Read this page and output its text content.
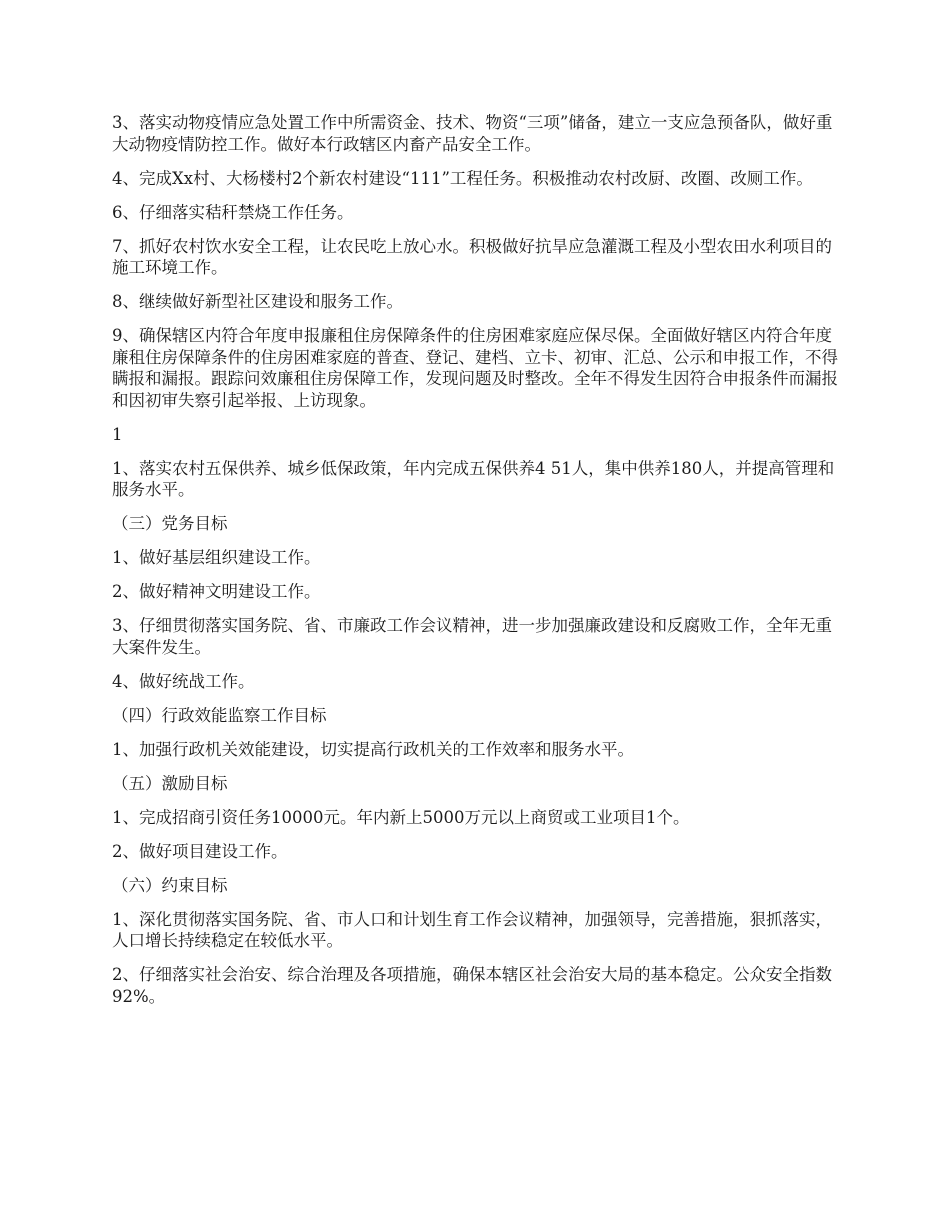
3、落实动物疫情应急处置工作中所需资金、技术、物资“三项”储备，建立一支应急预备队，做好重大动物疫情防控工作。做好本行政辖区内畜产品安全工作。

4、完成Xx村、大杨楼村2个新农村建设“111”工程任务。积极推动农村改厨、改圈、改厕工作。

6、仔细落实秸秆禁烧工作任务。

7、抓好农村饮水安全工程，让农民吃上放心水。积极做好抗旱应急灌溉工程及小型农田水利项目的施工环境工作。

8、继续做好新型社区建设和服务工作。

9、确保辖区内符合年度申报廉租住房保障条件的住房困难家庭应保尽保。全面做好辖区内符合年度廉租住房保障条件的住房困难家庭的普查、登记、建档、立卡、初审、汇总、公示和申报工作，不得瞒报和漏报。跟踪问效廉租住房保障工作，发现问题及时整改。全年不得发生因符合申报条件而漏报和因初审失察引起举报、上访现象。

1

1、落实农村五保供养、城乡低保政策，年内完成五保供养4 51人，集中供养180人，并提高管理和服务水平。

（三）党务目标

1、做好基层组织建设工作。

2、做好精神文明建设工作。

3、仔细贯彻落实国务院、省、市廉政工作会议精神，进一步加强廉政建设和反腐败工作，全年无重大案件发生。

4、做好统战工作。

（四）行政效能监察工作目标

1、加强行政机关效能建设，切实提高行政机关的工作效率和服务水平。

（五）激励目标

1、完成招商引资任务10000元。年内新上5000万元以上商贸或工业项目1个。

2、做好项目建设工作。

（六）约束目标

1、深化贯彻落实国务院、省、市人口和计划生育工作会议精神，加强领导，完善措施，狠抓落实，人口增长持续稳定在较低水平。

2、仔细落实社会治安、综合治理及各项措施，确保本辖区社会治安大局的基本稳定。公众安全指数92%。
